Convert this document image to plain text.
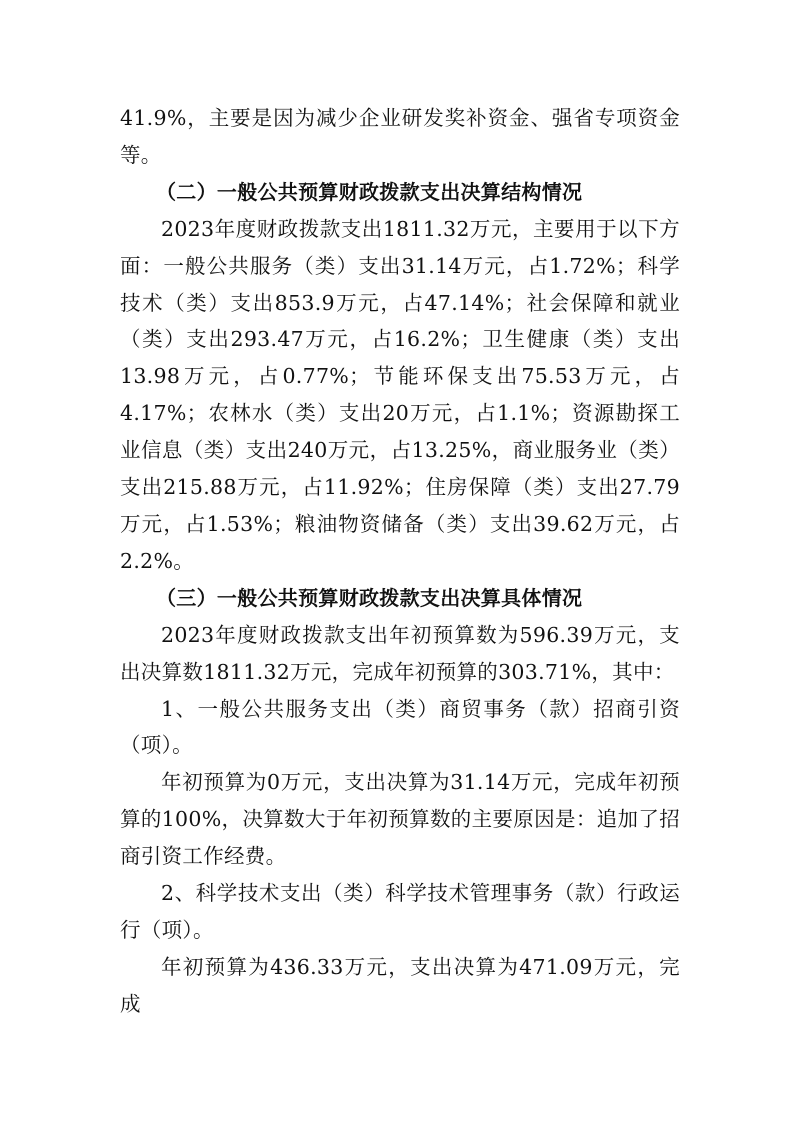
41.9%，主要是因为减少企业研发奖补资金、强省专项资金等。

（二）一般公共预算财政拨款支出决算结构情况

2023年度财政拨款支出1811.32万元，主要用于以下方面：一般公共服务（类）支出31.14万元，占1.72%；科学技术（类）支出853.9万元，占47.14%；社会保障和就业（类）支出293.47万元，占16.2%；卫生健康（类）支出13.98万元，占0.77%；节能环保支出75.53万元，占4.17%；农林水（类）支出20万元，占1.1%；资源勘探工业信息（类）支出240万元，占13.25%，商业服务业（类）支出215.88万元，占11.92%；住房保障（类）支出27.79万元，占1.53%；粮油物资储备（类）支出39.62万元，占2.2%。

（三）一般公共预算财政拨款支出决算具体情况

2023年度财政拨款支出年初预算数为596.39万元，支出决算数1811.32万元，完成年初预算的303.71%，其中：

1、一般公共服务支出（类）商贸事务（款）招商引资（项）。

年初预算为0万元，支出决算为31.14万元，完成年初预算的100%，决算数大于年初预算数的主要原因是：追加了招商引资工作经费。

2、科学技术支出（类）科学技术管理事务（款）行政运行（项）。

年初预算为436.33万元，支出决算为471.09万元，完成
